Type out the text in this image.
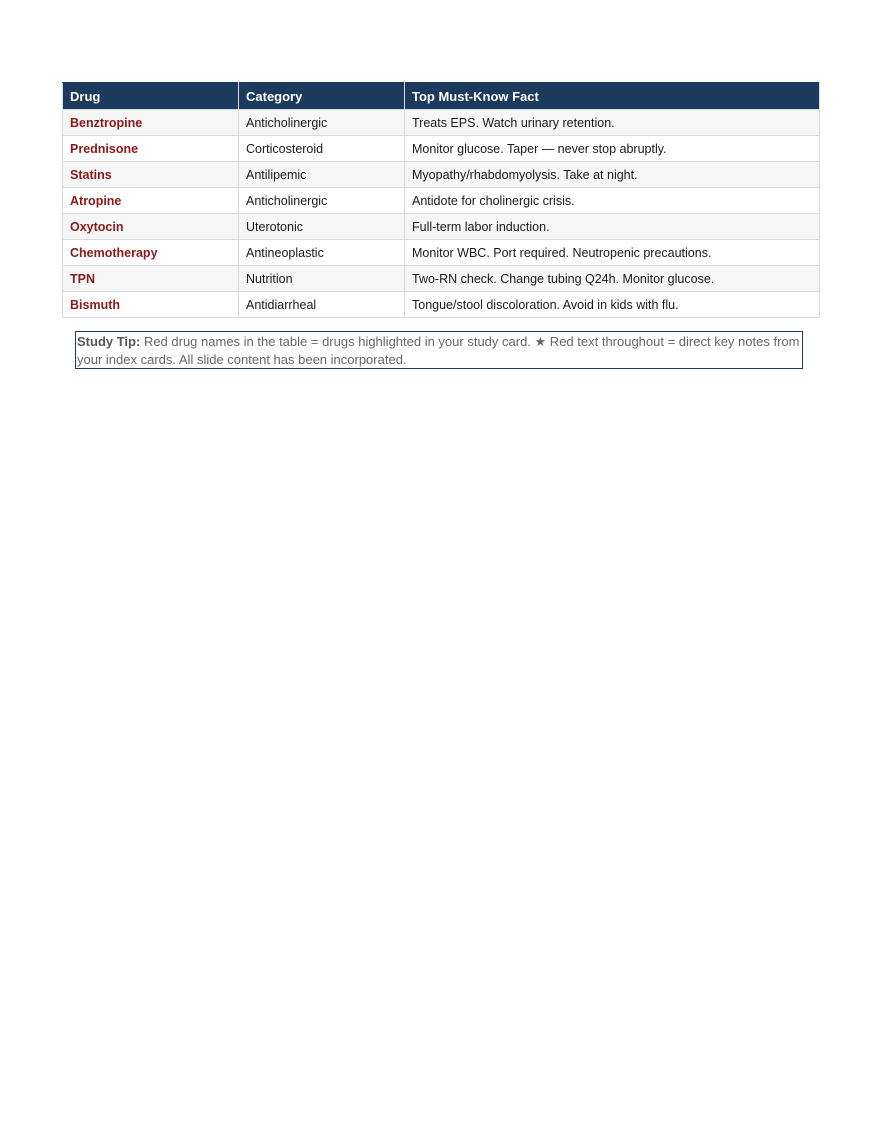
Drug	Category	Top Must-Know Fact
Benztropine	Anticholinergic	Treats EPS. Watch urinary retention.
Prednisone	Corticosteroid	Monitor glucose. Taper — never stop abruptly.
Statins	Antilipemic	Myopathy/rhabdomyolysis. Take at night.
Atropine	Anticholinergic	Antidote for cholinergic crisis.
Oxytocin	Uterotonic	Full-term labor induction.
Chemotherapy	Antineoplastic	Monitor WBC. Port required. Neutropenic precautions.
TPN	Nutrition	Two-RN check. Change tubing Q24h. Monitor glucose.
Bismuth	Antidiarrheal	Tongue/stool discoloration. Avoid in kids with flu.
Study Tip: Red drug names in the table = drugs highlighted in your study card. ★ Red text throughout = direct key notes from your index cards. All slide content has been incorporated.
